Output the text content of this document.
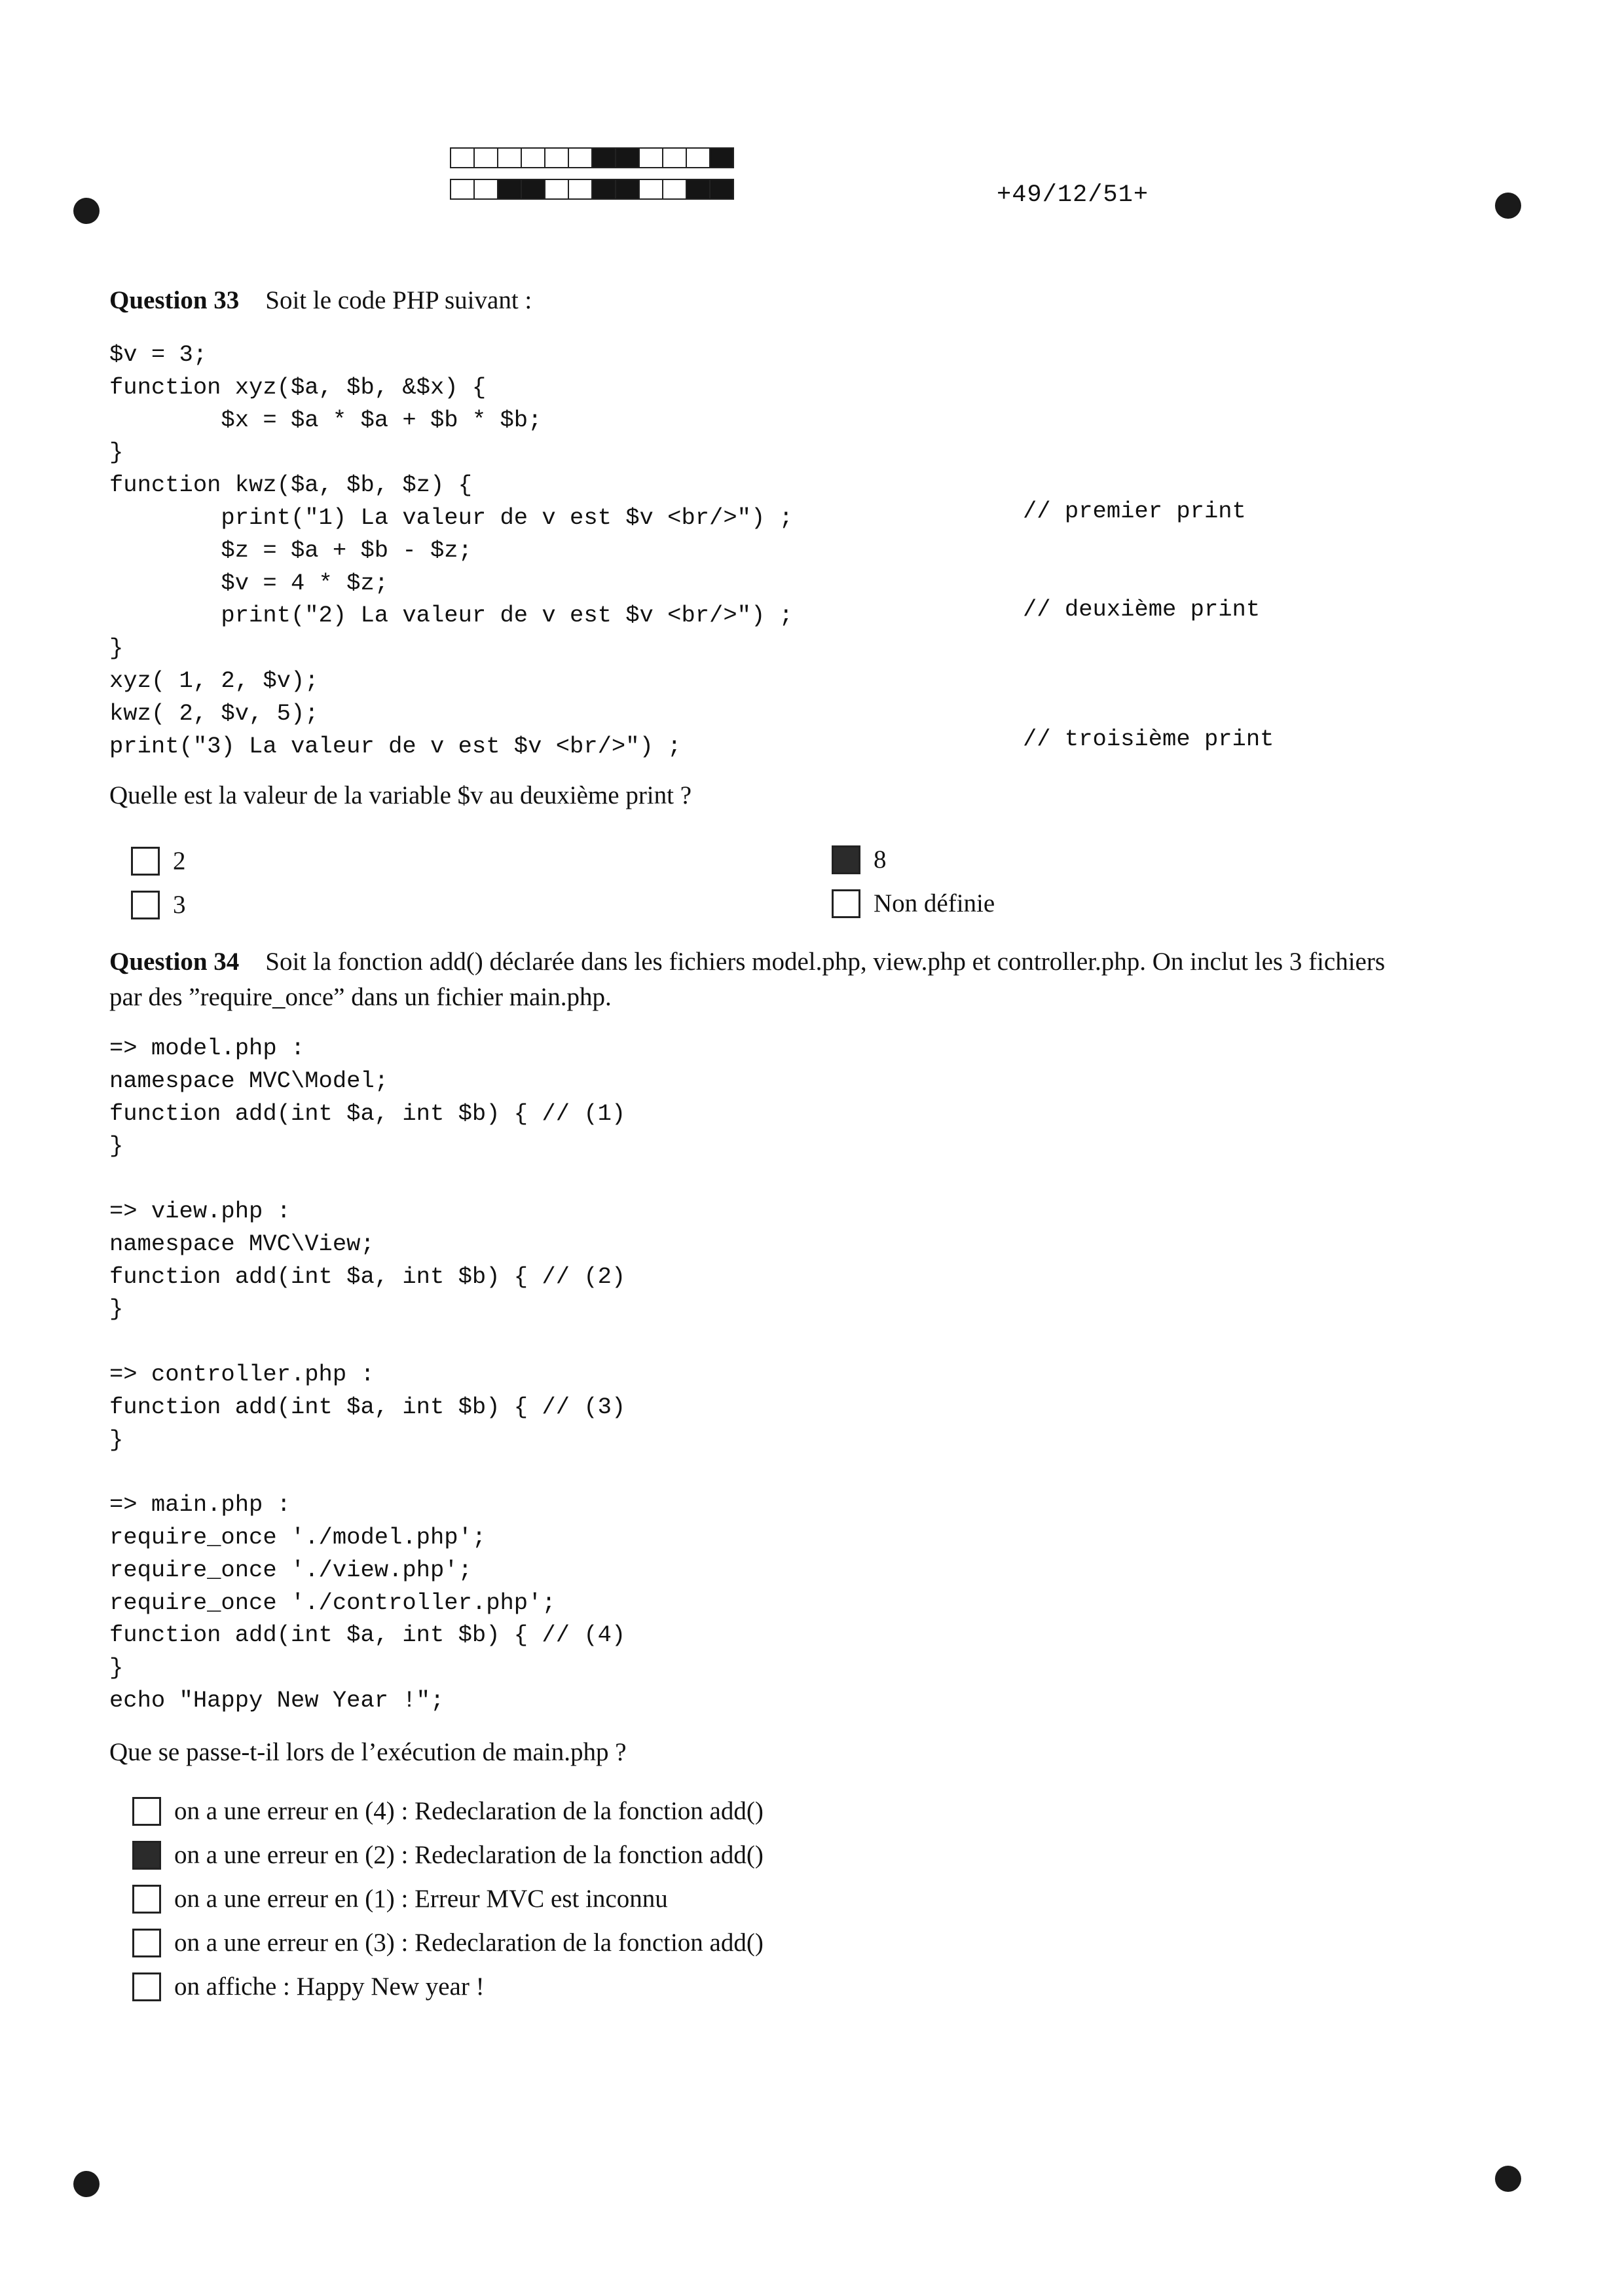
+49/12/51+
Question 33 Soit le code PHP suivant :
$v = 3;
function xyz($a, $b, &$x) {
$x = $a * $a + $b * $b;
}
function kwz($a, $b, $z) {
print("1) La valeur de v est $v <br/>") ;
$z = $a + $b - $z;
$v = 4 * $z;
print("2) La valeur de v est $v <br/>") ;
}
xyz( 1, 2, $v);
kwz( 2, $v, 5);
print("3) La valeur de v est $v <br/>") ;
// premier print
// deuxième print
// troisième print
Quelle est la valeur de la variable $v au deuxième print ?
2
3
8
Non définie
Question 34 Soit la fonction add() déclarée dans les fichiers model.php, view.php et controller.php. On inclut les 3 fichiers
par des ”require_once” dans un fichier main.php.
=> model.php :
namespace MVC\Model;
function add(int $a, int $b) { // (1)
}

=> view.php :
namespace MVC\View;
function add(int $a, int $b) { // (2)
}

=> controller.php :
function add(int $a, int $b) { // (3)
}

=> main.php :
require_once './model.php';
require_once './view.php';
require_once './controller.php';
function add(int $a, int $b) { // (4)
}
echo "Happy New Year !";
Que se passe-t-il lors de l’exécution de main.php ?
on a une erreur en (4) : Redeclaration de la fonction add()
on a une erreur en (2) : Redeclaration de la fonction add()
on a une erreur en (1) : Erreur MVC est inconnu
on a une erreur en (3) : Redeclaration de la fonction add()
on affiche : Happy New year !
